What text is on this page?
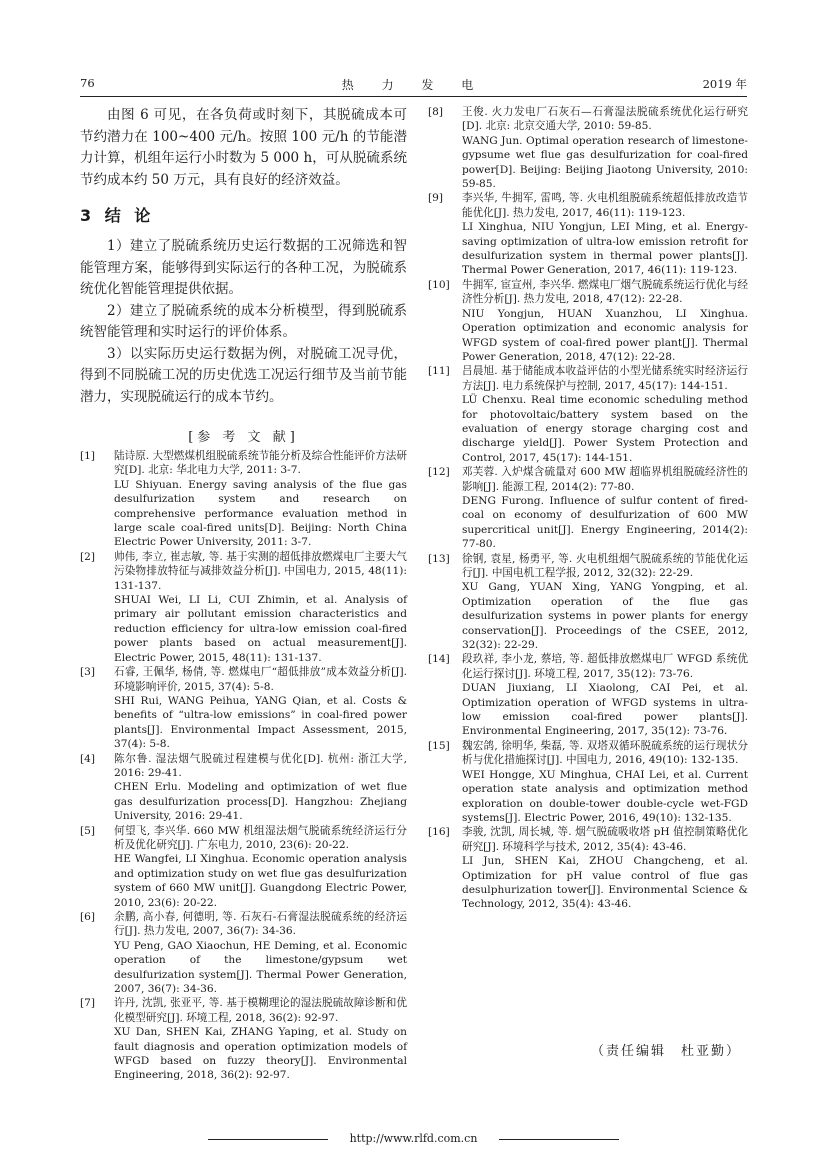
76	热 力 发 电	2019 年

由图 6 可见，在各负荷或时刻下，其脱硫成本可节约潜力在 100~400 元/h。按照 100 元/h 的节能潜力计算，机组年运行小时数为 5 000 h，可从脱硫系统节约成本约 50 万元，具有良好的经济效益。

3 结 论

1）建立了脱硫系统历史运行数据的工况筛选和智能管理方案，能够得到实际运行的各种工况，为脱硫系统优化智能管理提供依据。

2）建立了脱硫系统的成本分析模型，得到脱硫系统智能管理和实时运行的评价体系。

3）以实际历史运行数据为例，对脱硫工况寻优，得到不同脱硫工况的历史优选工况运行细节及当前节能潜力，实现脱硫运行的成本节约。

[参 考 文 献]
[1]	陆诗原. 大型燃煤机组脱硫系统节能分析及综合性能评价方法研究[D]. 北京: 华北电力大学, 2011: 3-7.
LU Shiyuan. Energy saving analysis of the flue gas desulfurization system and research on comprehensive performance evaluation method in large scale coal-fired units[D]. Beijing: North China Electric Power University, 2011: 3-7.
[2]	帅伟, 李立, 崔志敏, 等. 基于实测的超低排放燃煤电厂主要大气污染物排放特征与减排效益分析[J]. 中国电力, 2015, 48(11): 131-137.
SHUAI Wei, LI Li, CUI Zhimin, et al. Analysis of primary air pollutant emission characteristics and reduction efficiency for ultra-low emission coal-fired power plants based on actual measurement[J]. Electric Power, 2015, 48(11): 131-137.
[3]	石睿, 王佩华, 杨倩, 等. 燃煤电厂“超低排放”成本效益分析[J]. 环境影响评价, 2015, 37(4): 5-8.
SHI Rui, WANG Peihua, YANG Qian, et al. Costs & benefits of “ultra-low emissions” in coal-fired power plants[J]. Environmental Impact Assessment, 2015, 37(4): 5-8.
[4]	陈尔鲁. 湿法烟气脱硫过程建模与优化[D]. 杭州: 浙江大学, 2016: 29-41.
CHEN Erlu. Modeling and optimization of wet flue gas desulfurization process[D]. Hangzhou: Zhejiang University, 2016: 29-41.
[5]	何望飞, 李兴华. 660 MW 机组湿法烟气脱硫系统经济运行分析及优化研究[J]. 广东电力, 2010, 23(6): 20-22.
HE Wangfei, LI Xinghua. Economic operation analysis and optimization study on wet flue gas desulfurization system of 660 MW unit[J]. Guangdong Electric Power, 2010, 23(6): 20-22.
[6]	余鹏, 高小春, 何德明, 等. 石灰石-石膏湿法脱硫系统的经济运行[J]. 热力发电, 2007, 36(7): 34-36.
YU Peng, GAO Xiaochun, HE Deming, et al. Economic operation of the limestone/gypsum wet desulfurization system[J]. Thermal Power Generation, 2007, 36(7): 34-36.
[7]	许丹, 沈凯, 张亚平, 等. 基于模糊理论的湿法脱硫故障诊断和优化模型研究[J]. 环境工程, 2018, 36(2): 92-97.
XU Dan, SHEN Kai, ZHANG Yaping, et al. Study on fault diagnosis and operation optimization models of WFGD based on fuzzy theory[J]. Environmental Engineering, 2018, 36(2): 92-97.
[8]	王俊. 火力发电厂石灰石—石膏湿法脱硫系统优化运行研究[D]. 北京: 北京交通大学, 2010: 59-85.
WANG Jun. Optimal operation research of limestone-gypsume wet flue gas desulfurization for coal-fired power[D]. Beijing: Beijing Jiaotong University, 2010: 59-85.
[9]	李兴华, 牛拥军, 雷鸣, 等. 火电机组脱硫系统超低排放改造节能优化[J]. 热力发电, 2017, 46(11): 119-123.
LI Xinghua, NIU Yongjun, LEI Ming, et al. Energy-saving optimization of ultra-low emission retrofit for desulfurization system in thermal power plants[J]. Thermal Power Generation, 2017, 46(11): 119-123.
[10]	牛拥军, 宦宣州, 李兴华. 燃煤电厂烟气脱硫系统运行优化与经济性分析[J]. 热力发电, 2018, 47(12): 22-28.
NIU Yongjun, HUAN Xuanzhou, LI Xinghua. Operation optimization and economic analysis for WFGD system of coal-fired power plant[J]. Thermal Power Generation, 2018, 47(12): 22-28.
[11]	吕晨旭. 基于储能成本收益评估的小型光储系统实时经济运行方法[J]. 电力系统保护与控制, 2017, 45(17): 144-151.
LÜ Chenxu. Real time economic scheduling method for photovoltaic/battery system based on the evaluation of energy storage charging cost and discharge yield[J]. Power System Protection and Control, 2017, 45(17): 144-151.
[12]	邓芙蓉. 入炉煤含硫量对 600 MW 超临界机组脱硫经济性的影响[J]. 能源工程, 2014(2): 77-80.
DENG Furong. Influence of sulfur content of fired-coal on economy of desulfurization of 600 MW supercritical unit[J]. Energy Engineering, 2014(2): 77-80.
[13]	徐钢, 袁星, 杨勇平, 等. 火电机组烟气脱硫系统的节能优化运行[J]. 中国电机工程学报, 2012, 32(32): 22-29.
XU Gang, YUAN Xing, YANG Yongping, et al. Optimization operation of the flue gas desulfurization systems in power plants for energy conservation[J]. Proceedings of the CSEE, 2012, 32(32): 22-29.
[14]	段玖祥, 李小龙, 蔡培, 等. 超低排放燃煤电厂 WFGD 系统优化运行探讨[J]. 环境工程, 2017, 35(12): 73-76.
DUAN Jiuxiang, LI Xiaolong, CAI Pei, et al. Optimization operation of WFGD systems in ultra-low emission coal-fired power plants[J]. Environmental Engineering, 2017, 35(12): 73-76.
[15]	魏宏鸽, 徐明华, 柴磊, 等. 双塔双循环脱硫系统的运行现状分析与优化措施探讨[J]. 中国电力, 2016, 49(10): 132-135.
WEI Hongge, XU Minghua, CHAI Lei, et al. Current operation state analysis and optimization method exploration on double-tower double-cycle wet-FGD systems[J]. Electric Power, 2016, 49(10): 132-135.
[16]	李骏, 沈凯, 周长城, 等. 烟气脱硫吸收塔 pH 值控制策略优化研究[J]. 环境科学与技术, 2012, 35(4): 43-46.
LI Jun, SHEN Kai, ZHOU Changcheng, et al. Optimization for pH value control of flue gas desulphurization tower[J]. Environmental Science & Technology, 2012, 35(4): 43-46.
（责任编辑　杜亚勤）
http://www.rlfd.com.cn
